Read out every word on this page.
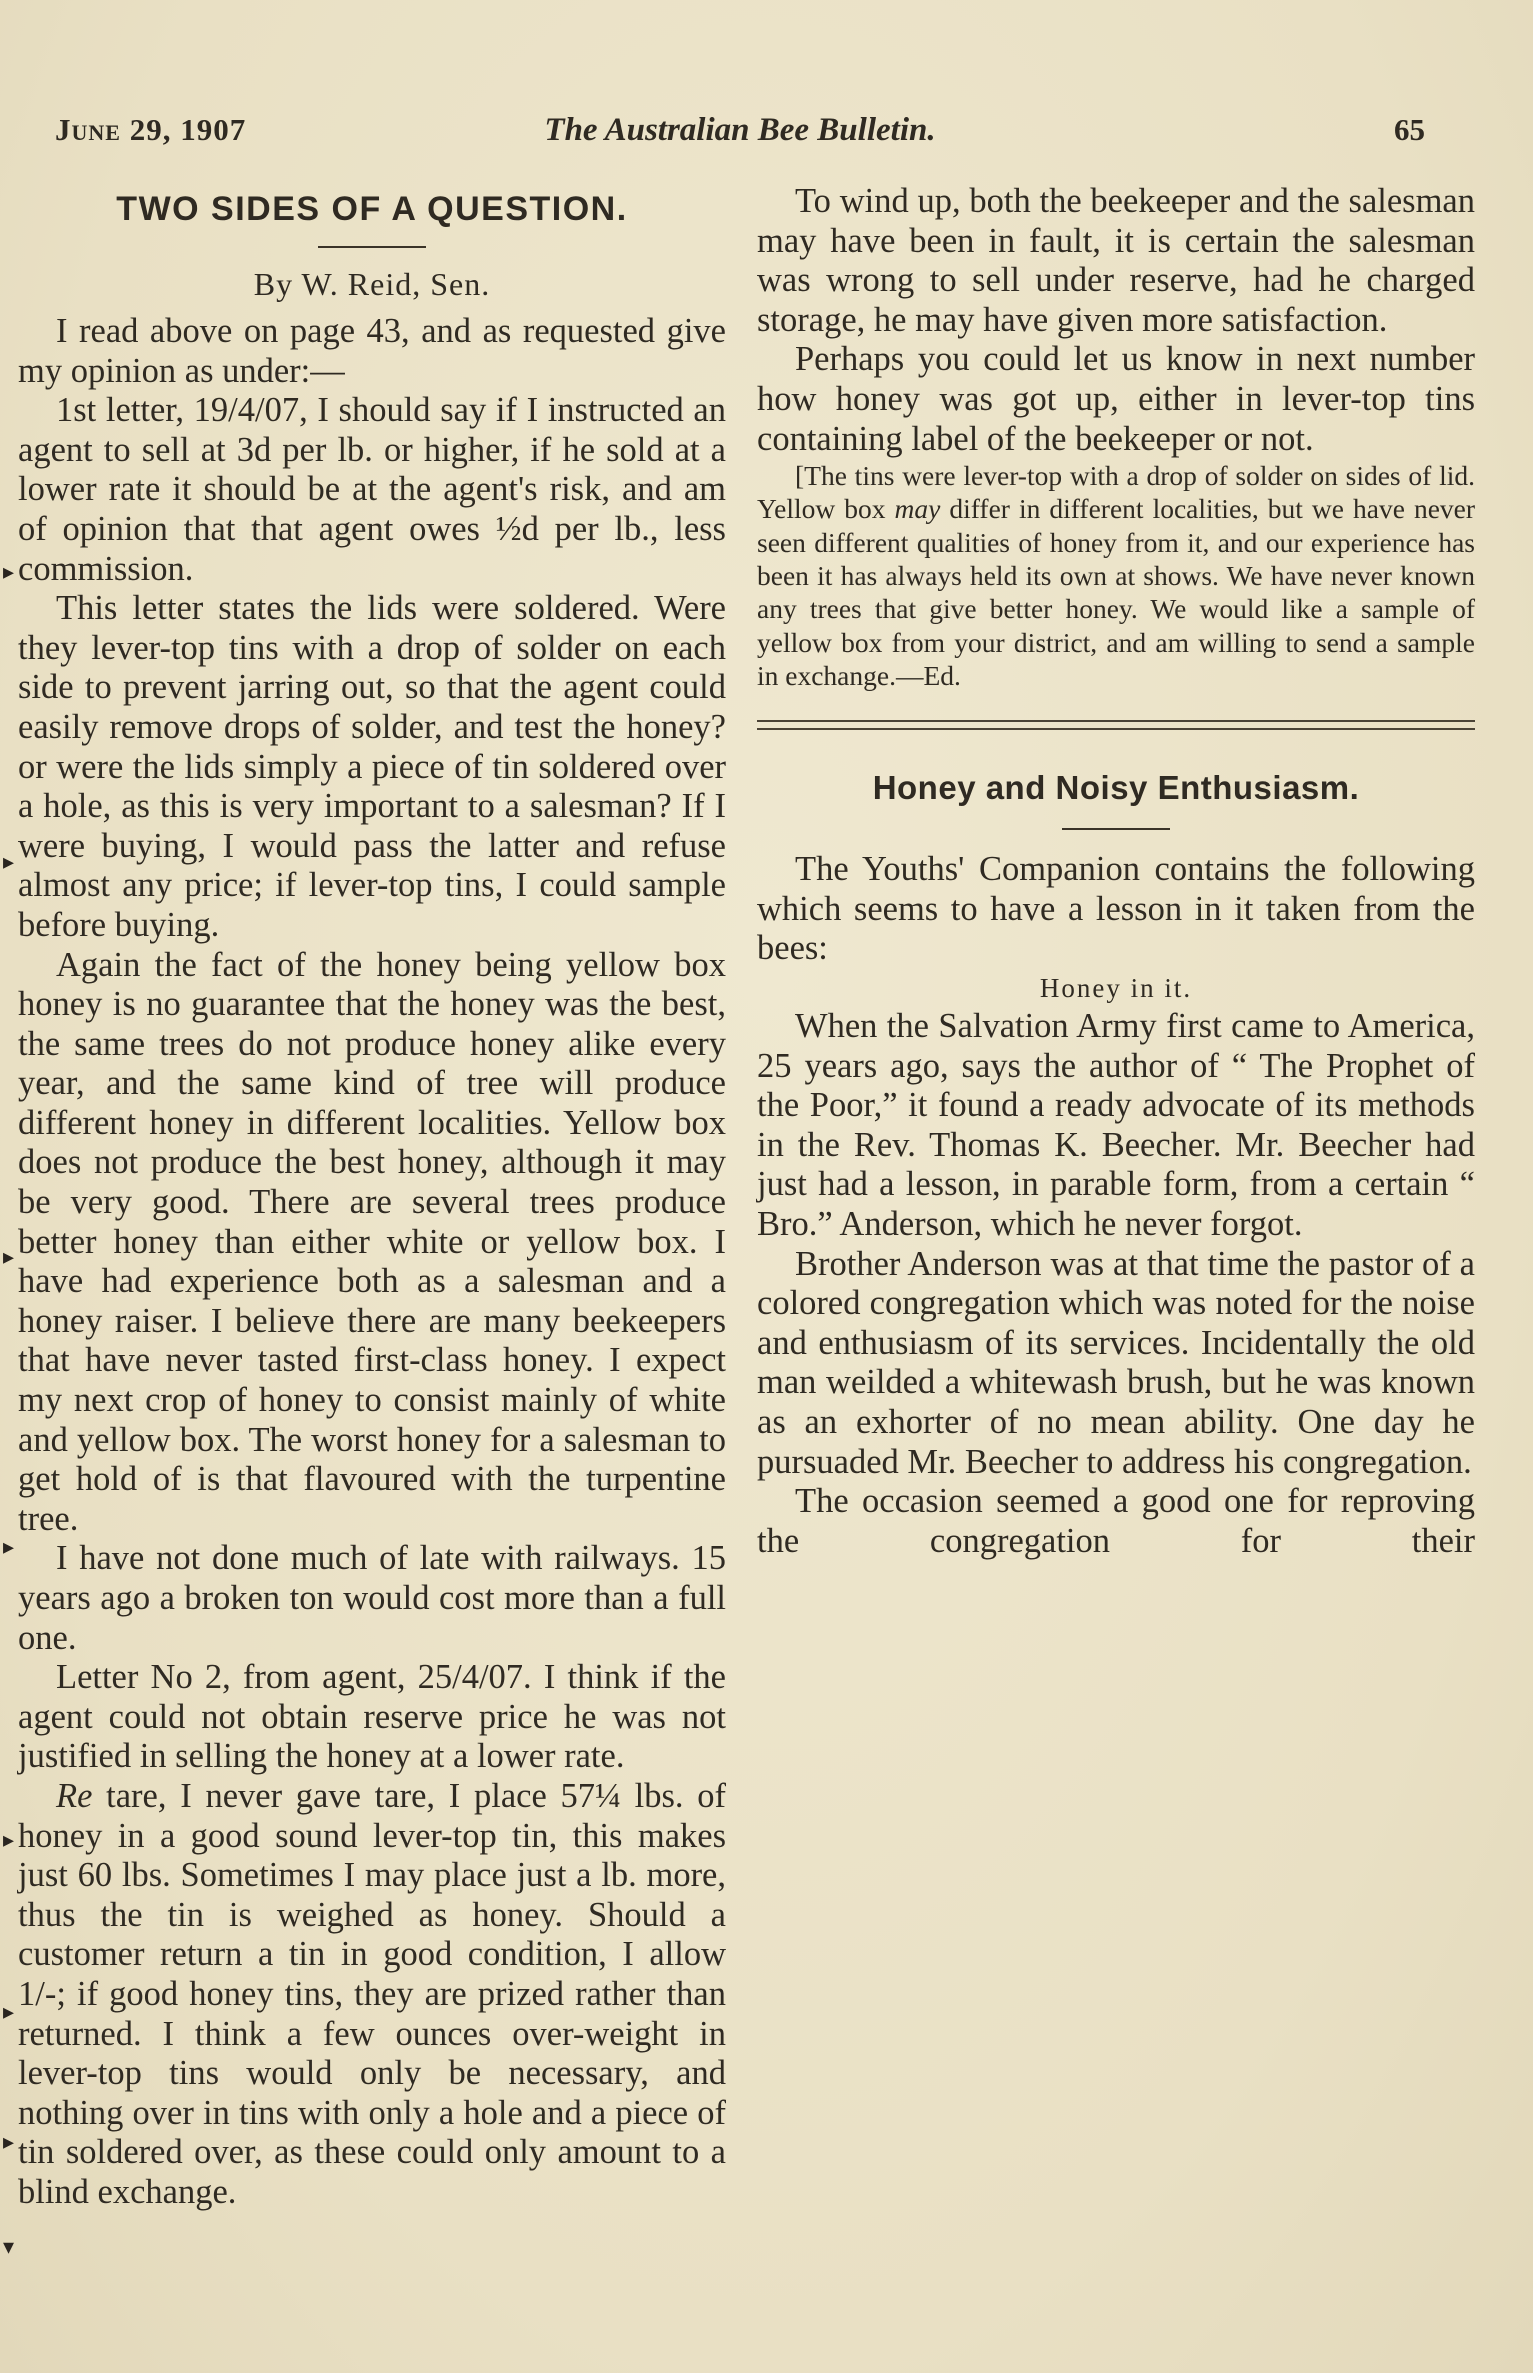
June 29, 1907	The Australian Bee Bulletin.	65
▸
▸
▸
▸
▸
▸
▸
▾
TWO SIDES OF A QUESTION.
By W. Reid, Sen.

I read above on page 43, and as requested give my opinion as under:—

1st letter, 19/4/07, I should say if I instructed an agent to sell at 3d per lb. or higher, if he sold at a lower rate it should be at the agent's risk, and am of opinion that that agent owes ½d per lb., less commission.

This letter states the lids were soldered. Were they lever-top tins with a drop of solder on each side to prevent jarring out, so that the agent could easily remove drops of solder, and test the honey? or were the lids simply a piece of tin soldered over a hole, as this is very important to a salesman? If I were buying, I would pass the latter and refuse almost any price; if lever-top tins, I could sample before buying.

Again the fact of the honey being yellow box honey is no guarantee that the honey was the best, the same trees do not produce honey alike every year, and the same kind of tree will produce different honey in different localities. Yellow box does not produce the best honey, although it may be very good. There are several trees produce better honey than either white or yellow box. I have had experience both as a salesman and a honey raiser. I believe there are many beekeepers that have never tasted first-class honey. I expect my next crop of honey to consist mainly of white and yellow box. The worst honey for a salesman to get hold of is that flavoured with the turpentine tree.

I have not done much of late with railways. 15 years ago a broken ton would cost more than a full one.

Letter No 2, from agent, 25/4/07. I think if the agent could not obtain reserve price he was not justified in selling the honey at a lower rate.

Re tare, I never gave tare, I place 57¼ lbs. of honey in a good sound lever-top tin, this makes just 60 lbs. Sometimes I may place just a lb. more, thus the tin is weighed as honey. Should a customer return a tin in good condition, I allow 1/-; if good honey tins, they are prized rather than returned. I think a few ounces over-weight in lever-top tins would only be necessary, and nothing over in tins with only a hole and a piece of tin soldered over, as these could only amount to a blind exchange.

To wind up, both the beekeeper and the salesman may have been in fault, it is certain the salesman was wrong to sell under reserve, had he charged storage, he may have given more satisfaction.

Perhaps you could let us know in next number how honey was got up, either in lever-top tins containing label of the beekeeper or not.

[The tins were lever-top with a drop of solder on sides of lid. Yellow box may differ in different localities, but we have never seen different qualities of honey from it, and our experience has been it has always held its own at shows. We have never known any trees that give better honey. We would like a sample of yellow box from your district, and am willing to send a sample in exchange.—Ed.

Honey and Noisy Enthusiasm.

The Youths' Companion contains the following which seems to have a lesson in it taken from the bees:

Honey in it.

When the Salvation Army first came to America, 25 years ago, says the author of “ The Prophet of the Poor,” it found a ready advocate of its methods in the Rev. Thomas K. Beecher. Mr. Beecher had just had a lesson, in parable form, from a certain “ Bro.” Anderson, which he never forgot.

Brother Anderson was at that time the pastor of a colored congregation which was noted for the noise and enthusiasm of its services. Incidentally the old man weilded a whitewash brush, but he was known as an exhorter of no mean ability. One day he pursuaded Mr. Beecher to address his congregation.

The occasion seemed a good one for reproving the congregation for their
